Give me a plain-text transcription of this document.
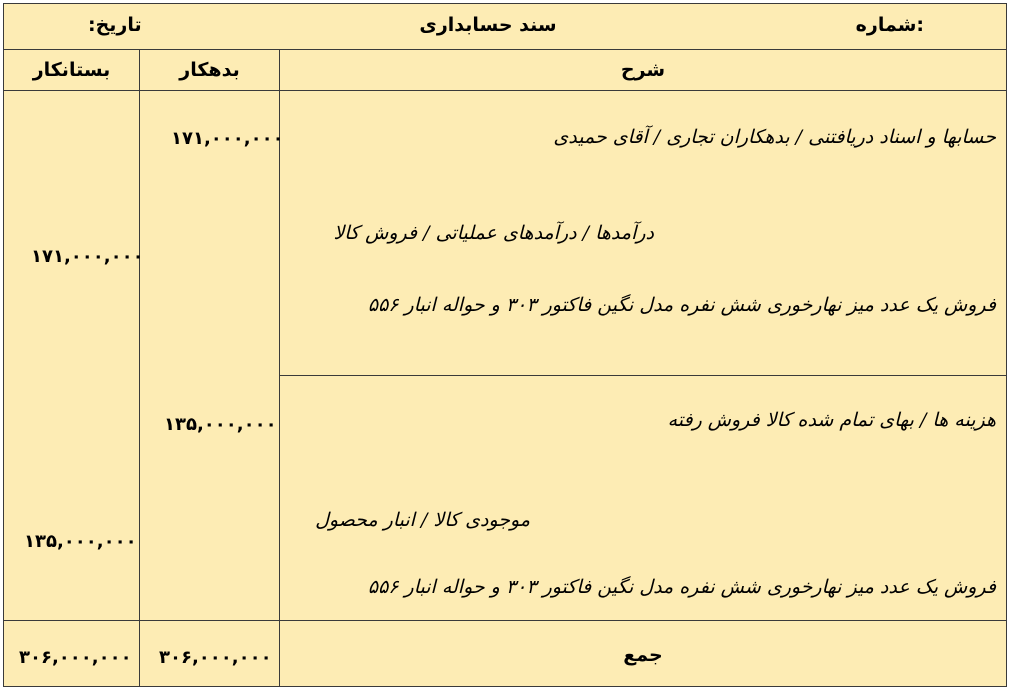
شماره:
سند حسابداری
تاریخ:
شرح
بدهکار
بستانکار
حسابها و اسناد دریافتنی / بدهکاران تجاری / آقای حمیدی
درآمدها / درآمدهای عملیاتی / فروش کالا
فروش یک عدد میز نهارخوری شش نفره مدل نگین فاکتور ۳۰۳ و حواله انبار ۵۵۶
۱۷۱,۰۰۰,۰۰۰
۱۷۱,۰۰۰,۰۰۰
هزینه ها / بهای تمام شده کالا فروش رفته
موجودی کالا / انبار محصول
فروش یک عدد میز نهارخوری شش نفره مدل نگین فاکتور ۳۰۳ و حواله انبار ۵۵۶
۱۳۵,۰۰۰,۰۰۰
۱۳۵,۰۰۰,۰۰۰
جمع
۳۰۶,۰۰۰,۰۰۰
۳۰۶,۰۰۰,۰۰۰
